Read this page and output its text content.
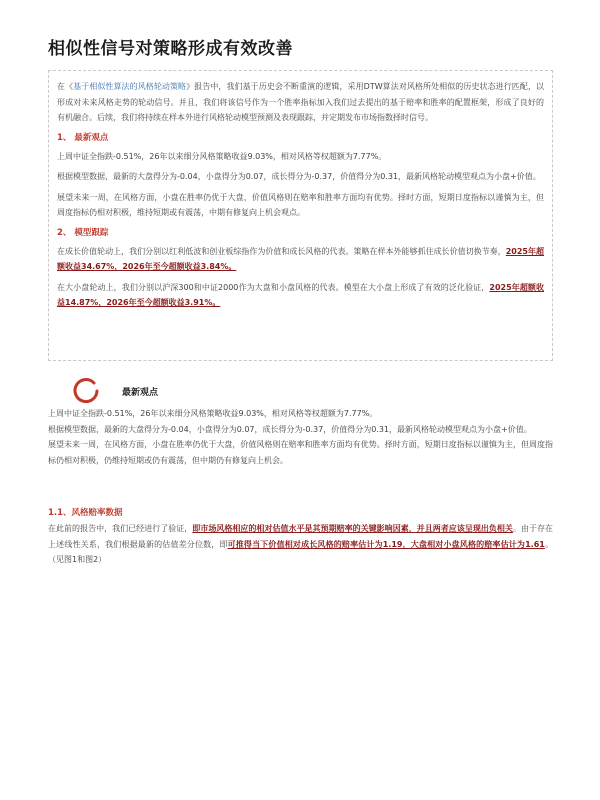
相似性信号对策略形成有效改善
在《基于相似性算法的风格轮动策略》报告中，我们基于历史会不断重演的逻辑，采用DTW算法对风格所处相似的历史状态进行匹配，以形成对未来风格走势的轮动信号。并且，我们将该信号作为一个胜率指标加入我们过去提出的基于赔率和胜率的配置框架，形成了良好的有机融合。后续，我们将持续在样本外进行风格轮动模型预测及表现跟踪，并定期发布市场指数择时信号。
1、 最新观点
上周中证全指跌-0.51%，26年以来细分风格策略收益9.03%，相对风格等权超额为7.77%。
根据模型数据，最新的大盘得分为-0.04，小盘得分为0.07，成长得分为-0.37，价值得分为0.31，最新风格轮动模型观点为小盘+价值。
展望未来一周，在风格方面，小盘在胜率仍优于大盘，价值风格则在赔率和胜率方面均有优势。择时方面，短期日度指标以谨慎为主，但周度指标仍相对积极，维持短期或有震荡，中期有修复向上机会观点。
2、 模型跟踪
在成长价值轮动上，我们分别以红利低波和创业板综指作为价值和成长风格的代表。策略在样本外能够抓住成长价值切换节奏，2025年超额收益34.67%，2026年至今超额收益3.84%。
在大小盘轮动上，我们分别以沪深300和中证2000作为大盘和小盘风格的代表。模型在大小盘上形成了有效的泛化验证，2025年超额收益14.87%，2026年至今超额收益3.91%。
最新观点
上周中证全指跌-0.51%，26年以来细分风格策略收益9.03%，相对风格等权超额为7.77%。
根据模型数据，最新的大盘得分为-0.04，小盘得分为0.07，成长得分为-0.37，价值得分为0.31，最新风格轮动模型观点为小盘+价值。
展望未来一周，在风格方面，小盘在胜率仍优于大盘，价值风格则在赔率和胜率方面均有优势。择时方面，短期日度指标以谨慎为主，但周度指标仍相对积极，仍维持短期或仍有震荡，但中期仍有修复向上机会。
1.1、风格赔率数据
在此前的报告中，我们已经进行了验证，即市场风格相应的相对估值水平是其预期赔率的关键影响因素，并且两者应该呈现出负相关。由于存在上述线性关系，我们根据最新的估值差分位数，即可推得当下价值相对成长风格的赔率估计为1.19，大盘相对小盘风格的赔率估计为1.61。（见图1和图2）
